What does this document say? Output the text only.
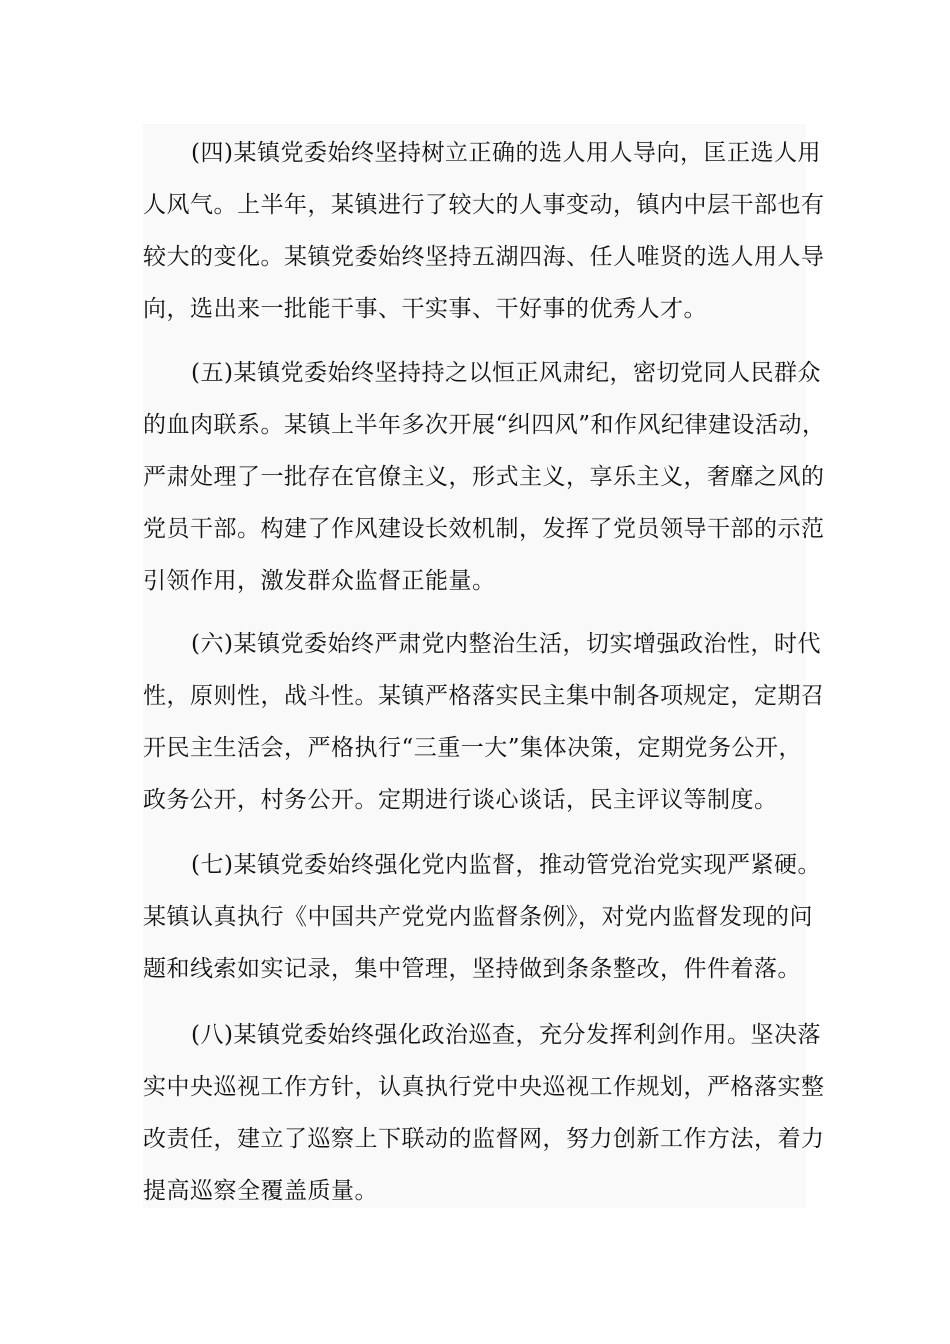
(四)某镇党委始终坚持树立正确的选人用人导向，匡正选人用
人风气。上半年，某镇进行了较大的人事变动，镇内中层干部也有
较大的变化。某镇党委始终坚持五湖四海、任人唯贤的选人用人导
向，选出来一批能干事、干实事、干好事的优秀人才。
(五)某镇党委始终坚持持之以恒正风肃纪，密切党同人民群众
的血肉联系。某镇上半年多次开展“纠四风”和作风纪律建设活动，
严肃处理了一批存在官僚主义，形式主义，享乐主义，奢靡之风的
党员干部。构建了作风建设长效机制，发挥了党员领导干部的示范
引领作用，激发群众监督正能量。
(六)某镇党委始终严肃党内整治生活，切实增强政治性，时代
性，原则性，战斗性。某镇严格落实民主集中制各项规定，定期召
开民主生活会，严格执行“三重一大”集体决策，定期党务公开，
政务公开，村务公开。定期进行谈心谈话，民主评议等制度。
(七)某镇党委始终强化党内监督，推动管党治党实现严紧硬。
某镇认真执行《中国共产党党内监督条例》，对党内监督发现的问
题和线索如实记录，集中管理，坚持做到条条整改，件件着落。
(八)某镇党委始终强化政治巡查，充分发挥利剑作用。坚决落
实中央巡视工作方针，认真执行党中央巡视工作规划，严格落实整
改责任，建立了巡察上下联动的监督网，努力创新工作方法，着力
提高巡察全覆盖质量。
